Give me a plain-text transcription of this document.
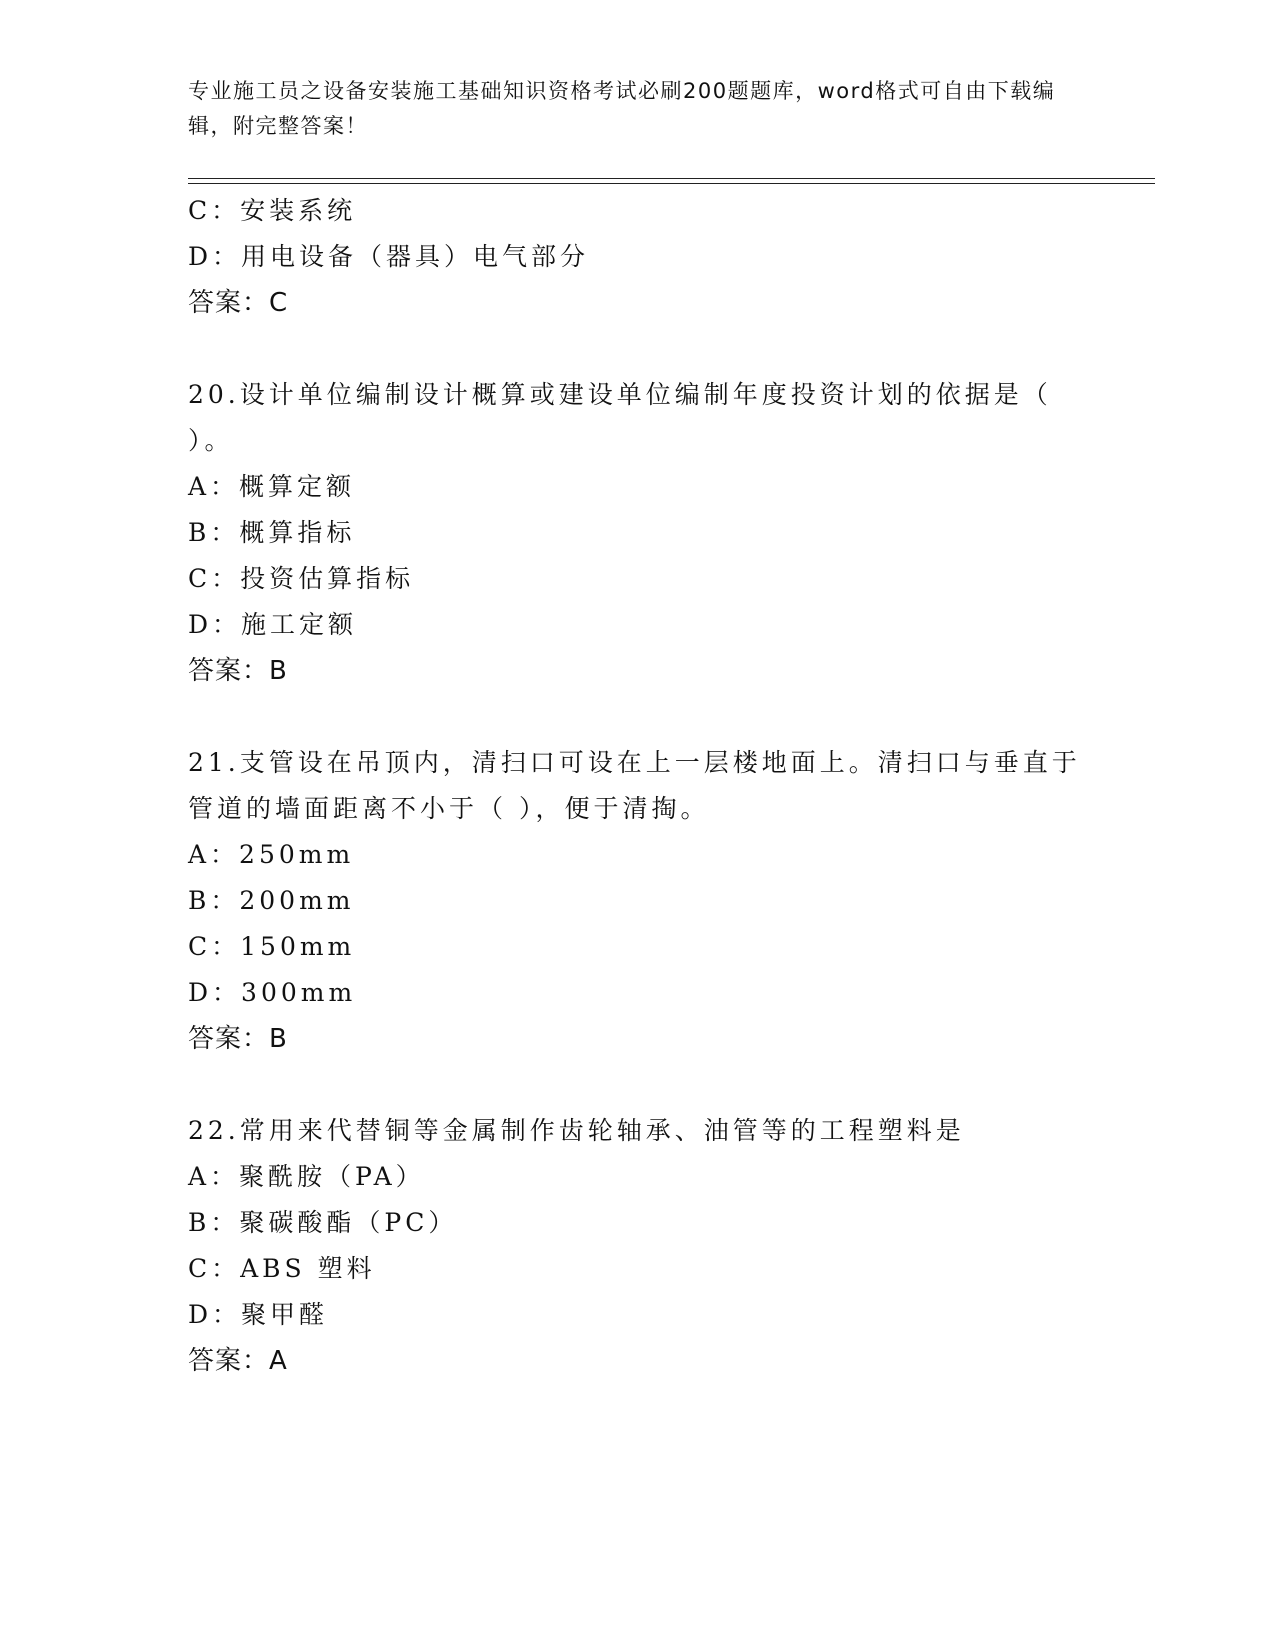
专业施工员之设备安装施工基础知识资格考试必刷200题题库，word格式可自由下载编辑，附完整答案！
C：安装系统
D：用电设备（器具）电气部分
答案：C
20.设计单位编制设计概算或建设单位编制年度投资计划的依据是（
）。
A：概算定额
B：概算指标
C：投资估算指标
D：施工定额
答案：B
21.支管设在吊顶内，清扫口可设在上一层楼地面上。清扫口与垂直于
管道的墙面距离不小于（ ），便于清掏。
A：250mm
B：200mm
C：150mm
D：300mm
答案：B
22.常用来代替铜等金属制作齿轮轴承、油管等的工程塑料是
A：聚酰胺（PA）
B：聚碳酸酯（PC）
C：ABS 塑料
D：聚甲醛
答案：A
